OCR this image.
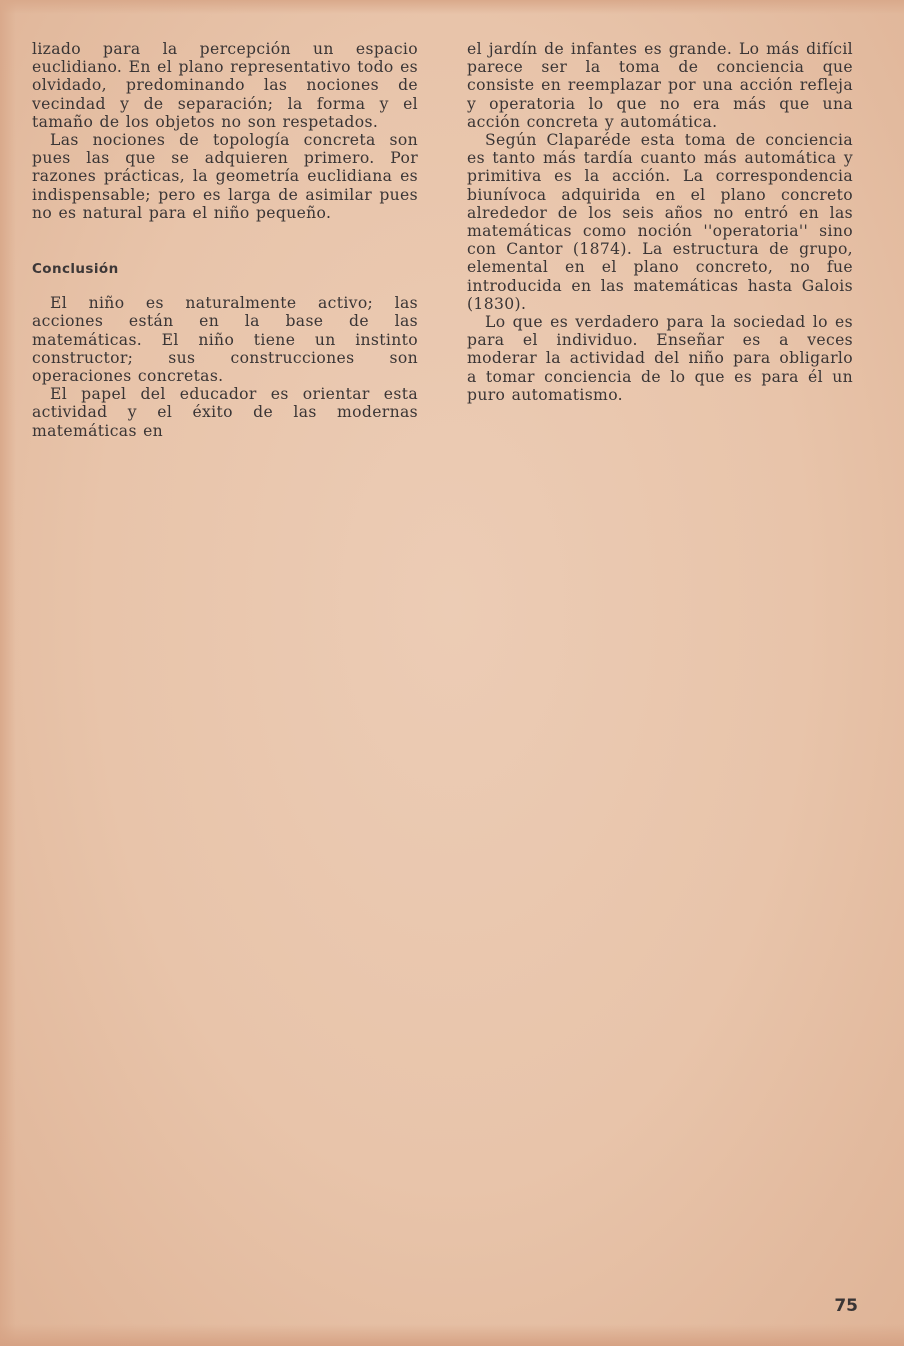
lizado para la percepción un espacio euclidiano. En el plano representativo todo es olvidado, predominando las nociones de vecindad y de separación; la forma y el tamaño de los objetos no son respetados.

Las nociones de topología concreta son pues las que se adquieren primero. Por razones prácticas, la geometría euclidiana es indispensable; pero es larga de asimilar pues no es natural para el niño pequeño.

Conclusión

El niño es naturalmente activo; las acciones están en la base de las matemáticas. El niño tiene un instinto constructor; sus construcciones son operaciones concretas.

El papel del educador es orientar esta actividad y el éxito de las modernas matemáticas en

el jardín de infantes es grande. Lo más difícil parece ser la toma de conciencia que consiste en reemplazar por una acción refleja y operatoria lo que no era más que una acción concreta y automática.

Según Claparéde esta toma de conciencia es tanto más tardía cuanto más automática y primitiva es la acción. La correspondencia biunívoca adquirida en el plano concreto alrededor de los seis años no entró en las matemáticas como noción ''operatoria'' sino con Cantor (1874). La estructura de grupo, elemental en el plano concreto, no fue introducida en las matemáticas hasta Galois (1830).

Lo que es verdadero para la sociedad lo es para el individuo. Enseñar es a veces moderar la actividad del niño para obligarlo a tomar conciencia de lo que es para él un puro automatismo.

75
